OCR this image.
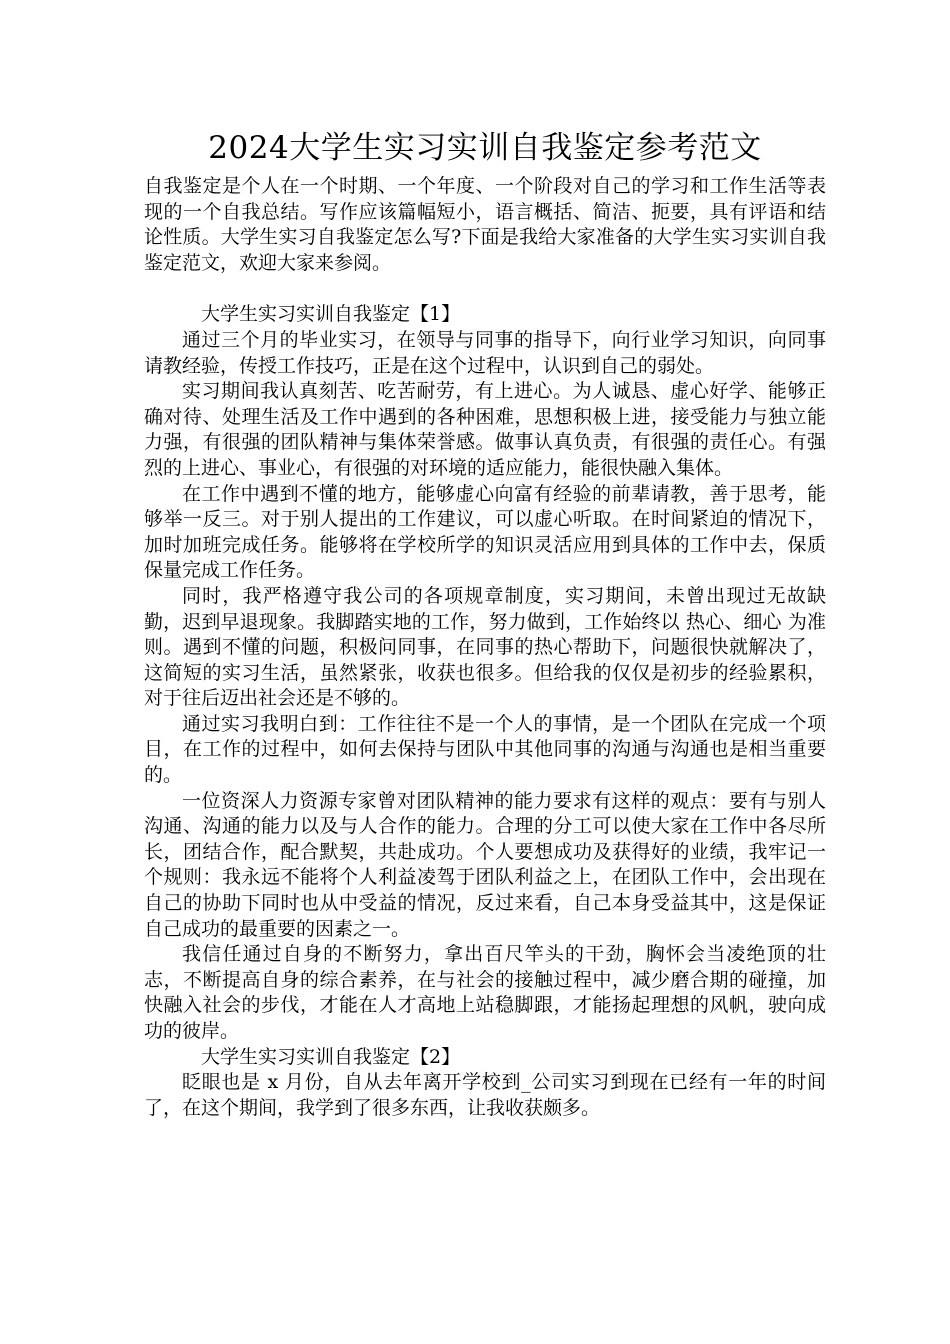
2024大学生实习实训自我鉴定参考范文

自我鉴定是个人在一个时期、一个年度、一个阶段对自己的学习和工作生活等表现的一个自我总结。写作应该篇幅短小，语言概括、简洁、扼要，具有评语和结论性质。大学生实习自我鉴定怎么写?下面是我给大家准备的大学生实习实训自我鉴定范文，欢迎大家来参阅。

大学生实习实训自我鉴定【1】

通过三个月的毕业实习，在领导与同事的指导下，向行业学习知识，向同事请教经验，传授工作技巧，正是在这个过程中，认识到自己的弱处。

实习期间我认真刻苦、吃苦耐劳，有上进心。为人诚恳、虚心好学、能够正确对待、处理生活及工作中遇到的各种困难，思想积极上进，接受能力与独立能力强，有很强的团队精神与集体荣誉感。做事认真负责，有很强的责任心。有强烈的上进心、事业心，有很强的对环境的适应能力，能很快融入集体。

在工作中遇到不懂的地方，能够虚心向富有经验的前辈请教，善于思考，能够举一反三。对于别人提出的工作建议，可以虚心听取。在时间紧迫的情况下，加时加班完成任务。能够将在学校所学的知识灵活应用到具体的工作中去，保质保量完成工作任务。

同时，我严格遵守我公司的各项规章制度，实习期间，未曾出现过无故缺勤，迟到早退现象。我脚踏实地的工作，努力做到，工作始终以 热心、细心 为准则。遇到不懂的问题，积极问同事，在同事的热心帮助下，问题很快就解决了，这简短的实习生活，虽然紧张，收获也很多。但给我的仅仅是初步的经验累积，对于往后迈出社会还是不够的。

通过实习我明白到：工作往往不是一个人的事情，是一个团队在完成一个项目，在工作的过程中，如何去保持与团队中其他同事的沟通与沟通也是相当重要的。

一位资深人力资源专家曾对团队精神的能力要求有这样的观点：要有与别人沟通、沟通的能力以及与人合作的能力。合理的分工可以使大家在工作中各尽所长，团结合作，配合默契，共赴成功。个人要想成功及获得好的业绩，我牢记一个规则：我永远不能将个人利益凌驾于团队利益之上，在团队工作中，会出现在自己的协助下同时也从中受益的情况，反过来看，自己本身受益其中，这是保证自己成功的最重要的因素之一。

我信任通过自身的不断努力，拿出百尺竿头的干劲，胸怀会当凌绝顶的壮志，不断提高自身的综合素养，在与社会的接触过程中，减少磨合期的碰撞，加快融入社会的步伐，才能在人才高地上站稳脚跟，才能扬起理想的风帆，驶向成功的彼岸。

大学生实习实训自我鉴定【2】

眨眼也是 x 月份，自从去年离开学校到_公司实习到现在已经有一年的时间了，在这个期间，我学到了很多东西，让我收获颇多。
